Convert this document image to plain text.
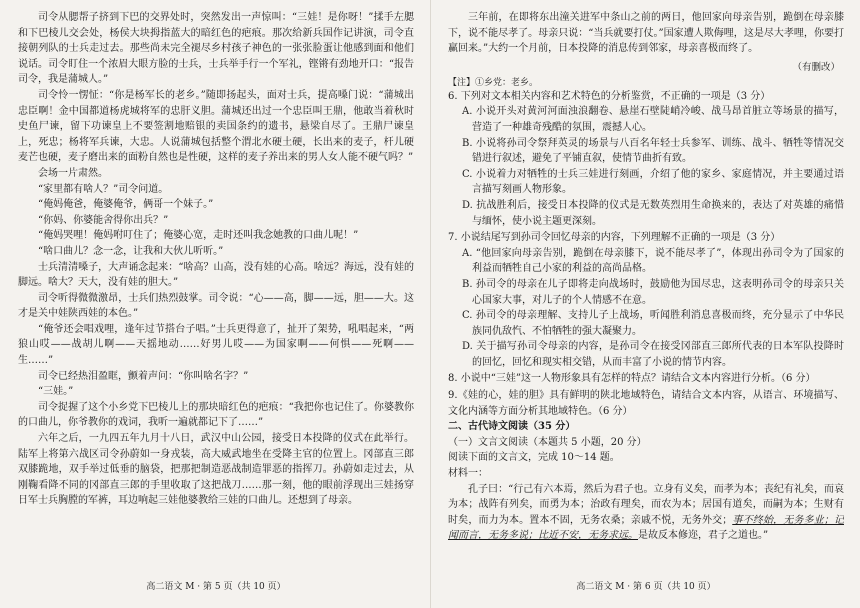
司令从腮帮子挤到下巴的交界处时，突然发出一声惊叫：“三娃！是你呀！”揉手左腮和下巴棱儿交会处，杨侯大块拇指蓝大的暗红色的疤痕。那次给新兵国作记讲演，司令直接朝列队的士兵走过去。那些尚未完全褪尽乡村孩子神色的一张张脸蛋让他感到面和他们说话。司令盯住一个浓眉大眼方脸的士兵，士兵举手行一个军礼，铿锵有劲地开口：“报告司令，我是蒲城人。”

司令怜一愣怔：“你是杨军长的老乡。”随即扬起头，面对士兵，提高嗓门说：“蒲城出忠臣啊！金中国都道杨虎城将军的忠肝义胆。蒲城还出过一个忠臣叫王鼎，他敢当着秋时史鱼尸谏，留下功谏皇上不要签割地赔银的卖国条约的遗书，悬梁自尽了。王鼎尸谏皇上，死忠；杨将军兵谏，大忠。人说蒲城包括整个渭北水硬土硬，长出来的麦子，杆儿硬麦芒也硬，麦子磨出来的面粉自然也是性硬，这样的麦子养出来的男人女人能不硬气吗？”

会场一片肃然。

“家里都有啥人？”司令问道。

“俺妈俺爸，俺婆俺爷，俩哥一个妹子。”

“你妈、你婆能舍得你出兵？”

“俺妈哭哩！俺妈咐叮住了；俺婆心宽，走时还叫我念她教的口曲儿呢！”

“啥口曲儿？念一念，让我和大伙儿听听。”

士兵清清嗓子，大声诵念起来：“啥高？山高，没有娃的心高。啥远？海远，没有娃的脚远。啥大？天大，没有娃的胆大。”

司令听得微微激昂，士兵们热烈鼓掌。司令说：“心——高，脚——远，胆——大。这才是关中娃陕西娃的本色。”

“俺爷还会唱戏哩，逢年过节搭台子唱。”士兵更得意了，扯开了架势，吼唱起来，“两狼山哎——战胡儿啊——天摇地动……好男儿哎——为国家啊——何惧——死啊——生……”

司令已经热泪盈眶，颤着声问：“你叫啥名字？”

“三娃。”

司令捉握了这个小乡党下巴棱儿上的那块暗红色的疤痕：“我把你也记住了。你婆教你的口曲儿，你爷教你的戏词，我听一遍就都记下了……”

六年之后，一九四五年九月十八日，武汉中山公园，接受日本投降的仪式在此举行。陆军上将第六战区司令孙蔚如一身戎装，高大威武地坐在受降主官的位置上。冈部直三郎双膝跪地，双手举过低垂的脑袋，把那把制造恶战制造罪恶的指挥刀。孙蔚如走过去，从刚鞠看降不同的冈部直三郎的手里收取了这把战刀……那一刻，他的眼前浮现出三娃扬穿日军士兵胸膛的军裤，耳边响起三娃他婆教给三娃的口曲儿。还想到了母亲。

高二语文 M · 第 5 页（共 10 页）

三年前，在即将东出潼关进军中条山之前的两日，他回家向母亲告别，跪倒在母亲膝下，说不能尽孝了。母亲只说：“当兵就要打仗。”国家遭人欺侮哩，这是尽大孝哩，你要打赢回来。”大约一个月前，日本投降的消息传到邻家，母亲喜极而终了。

（有删改）
【注】①乡党：老乡。

6. 下列对文本相关内容和艺术特色的分析鉴赏，不正确的一项是（3 分）

A. 小说开头对黄河河面浊浪翻卷、悬崖石壁陡峭冷峻、战马昂首脏立等场景的描写，营造了一种雄奇残酷的氛围，震撼人心。

B. 小说将孙司令祭拜英灵的场景与八百名年轻士兵参军、训练、战斗、牺牲等情况交错进行叙述，避免了平铺直叙，使情节曲折有致。

C. 小说着力对牺牲的士兵三娃进行刻画，介绍了他的家乡、家庭情况，并主要通过语言描写刻画人物形象。

D. 抗战胜利后，接受日本投降的仪式是无数英烈用生命换来的，表达了对英雄的痛惜与缅怀，使小说主题更深刻。

7. 小说结尾写到孙司令回忆母亲的内容，下列理解不正确的一项是（3 分）

A. “他回家向母亲告别，跪倒在母亲膝下，说不能尽孝了”，体现出孙司令为了国家的利益而牺牲自己小家的利益的高尚品格。

B. 孙司令的母亲在儿子即将走向战场时，鼓励他为国尽忠，这表明孙司令的母亲只关心国家大事，对儿子的个人情感不在意。

C. 孙司令的母亲理解、支持儿子上战场，听闻胜利消息喜极而终，充分显示了中华民族同仇敌忾、不怕牺牲的强大凝聚力。

D. 关于描写孙司令母亲的内容，是孙司令在接受冈部直三郎所代表的日本军队投降时的回忆，回忆和现实相交错，从而丰富了小说的情节内容。

8. 小说中“三娃”这一人物形象具有怎样的特点？请结合文本内容进行分析。（6 分）

9.《娃的心，娃的胆》具有鲜明的陕北地域特色，请结合文本内容，从语言、环境描写、文化内涵等方面分析其地域特色。（6 分）

二、古代诗文阅读（35 分）

（一）文言文阅读（本题共 5 小题，20 分）

阅读下面的文言文，完成 10～14 题。

材料一：

孔子曰：“行己有六本焉，然后为君子也。立身有义矣，而孝为本；丧纪有礼矣，而哀为本；战阵有列矣，而勇为本；治政有理矣，而农为本；居国有道矣，而嗣为本；生财有时矣，而力为本。置本不固，无务农桑；亲戚不悦，无务外交；事不终始，无务多业；记闻而言，无务多说；比近不安，无务求远。是故反本修迩，君子之道也。”

高二语文 M · 第 6 页（共 10 页）
